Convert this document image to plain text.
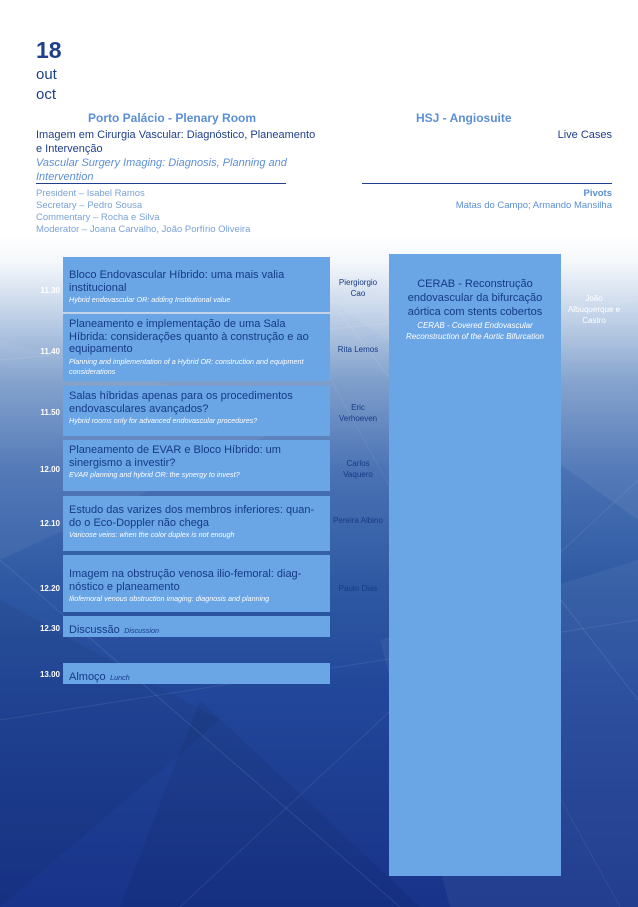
18
out
oct
Porto Palácio - Plenary Room	HSJ - Angiosuite
Imagem em Cirurgia Vascular: Diagnóstico, Planeamento e Intervenção
Vascular Surgery Imaging: Diagnosis, Planning and Intervention
Live Cases
President – Isabel Ramos
Secretary – Pedro Sousa
Commentary – Rocha e Silva
Moderator – Joana Carvalho, João Porfírio Oliveira
Pivots
Matas do Campo; Armando Mansilha
11.30
Bloco Endovascular Híbrido: uma mais valia institucional
Hybrid endovascular OR: adding Institutional value
Piergiorgio Cao
11.40
Planeamento e implementação de uma Sala Híbrida: considerações quanto à construção e ao equipamento
Planning and implementation of a Hybrid OR: construction and equipment considerations
Rita Lemos
11.50
Salas híbridas apenas para os procedimentos endovasculares avançados?
Hybrid rooms only for advanced endovascular procedures?
Eric Verhoeven
12.00
Planeamento de EVAR e Bloco Híbrido: um sinergismo a investir?
EVAR planning and hybrid OR: the synergy to invest?
Carlos Vaquero
12.10
Estudo das varizes dos membros inferiores: quan-do o Eco-Doppler não chega
Varicose veins: when the color duplex is not enough
Pereira Albino
12.20
Imagem na obstrução venosa ilio-femoral: diag-nóstico e planeamento
Iliofemoral venous obstruction imaging: diagnosis and planning
Paulo Dias
12.30 Discussão Discussion
13.00 Almoço Lunch
CERAB - Reconstrução endovascular da bifurcação aórtica com stents cobertos
CERAB - Covered Endovascular Reconstruction of the Aortic Bifurcation
João Albuquerque e Castro
